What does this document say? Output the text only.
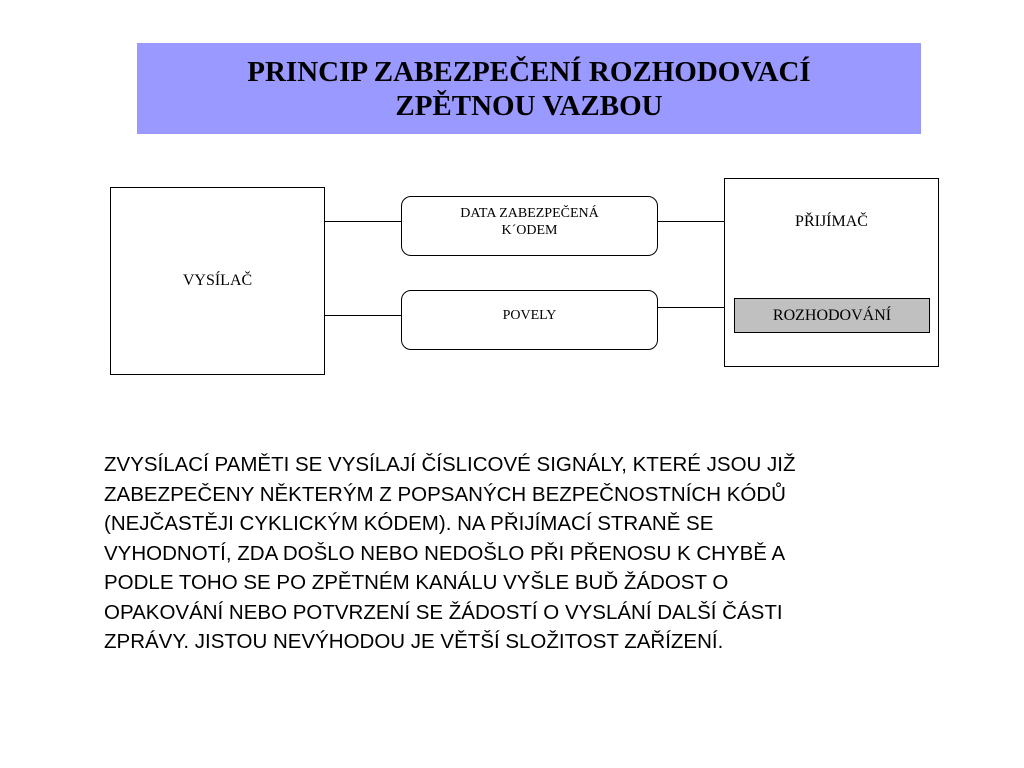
PRINCIP ZABEZPEČENÍ ROZHODOVACÍ
ZPĚTNOU VAZBOU
VYSÍLAČ
DATA ZABEZPEČENÁ
K´ODEM
POVELY
PŘIJÍMAČ
ROZHODOVÁNÍ
ZVYSÍLACÍ PAMĚTI SE VYSÍLAJÍ ČÍSLICOVÉ SIGNÁLY, KTERÉ JSOU JIŽ
ZABEZPEČENY NĚKTERÝM Z POPSANÝCH BEZPEČNOSTNÍCH KÓDŮ
(NEJČASTĚJI CYKLICKÝM KÓDEM). NA PŘIJÍMACÍ STRANĚ SE
VYHODNOTÍ, ZDA DOŠLO NEBO NEDOŠLO PŘI PŘENOSU K CHYBĚ A
PODLE TOHO SE PO ZPĚTNÉM KANÁLU VYŠLE BUĎ ŽÁDOST O
OPAKOVÁNÍ NEBO POTVRZENÍ SE ŽÁDOSTÍ O VYSLÁNÍ DALŠÍ ČÁSTI
ZPRÁVY. JISTOU NEVÝHODOU JE VĚTŠÍ SLOŽITOST ZAŘÍZENÍ.
